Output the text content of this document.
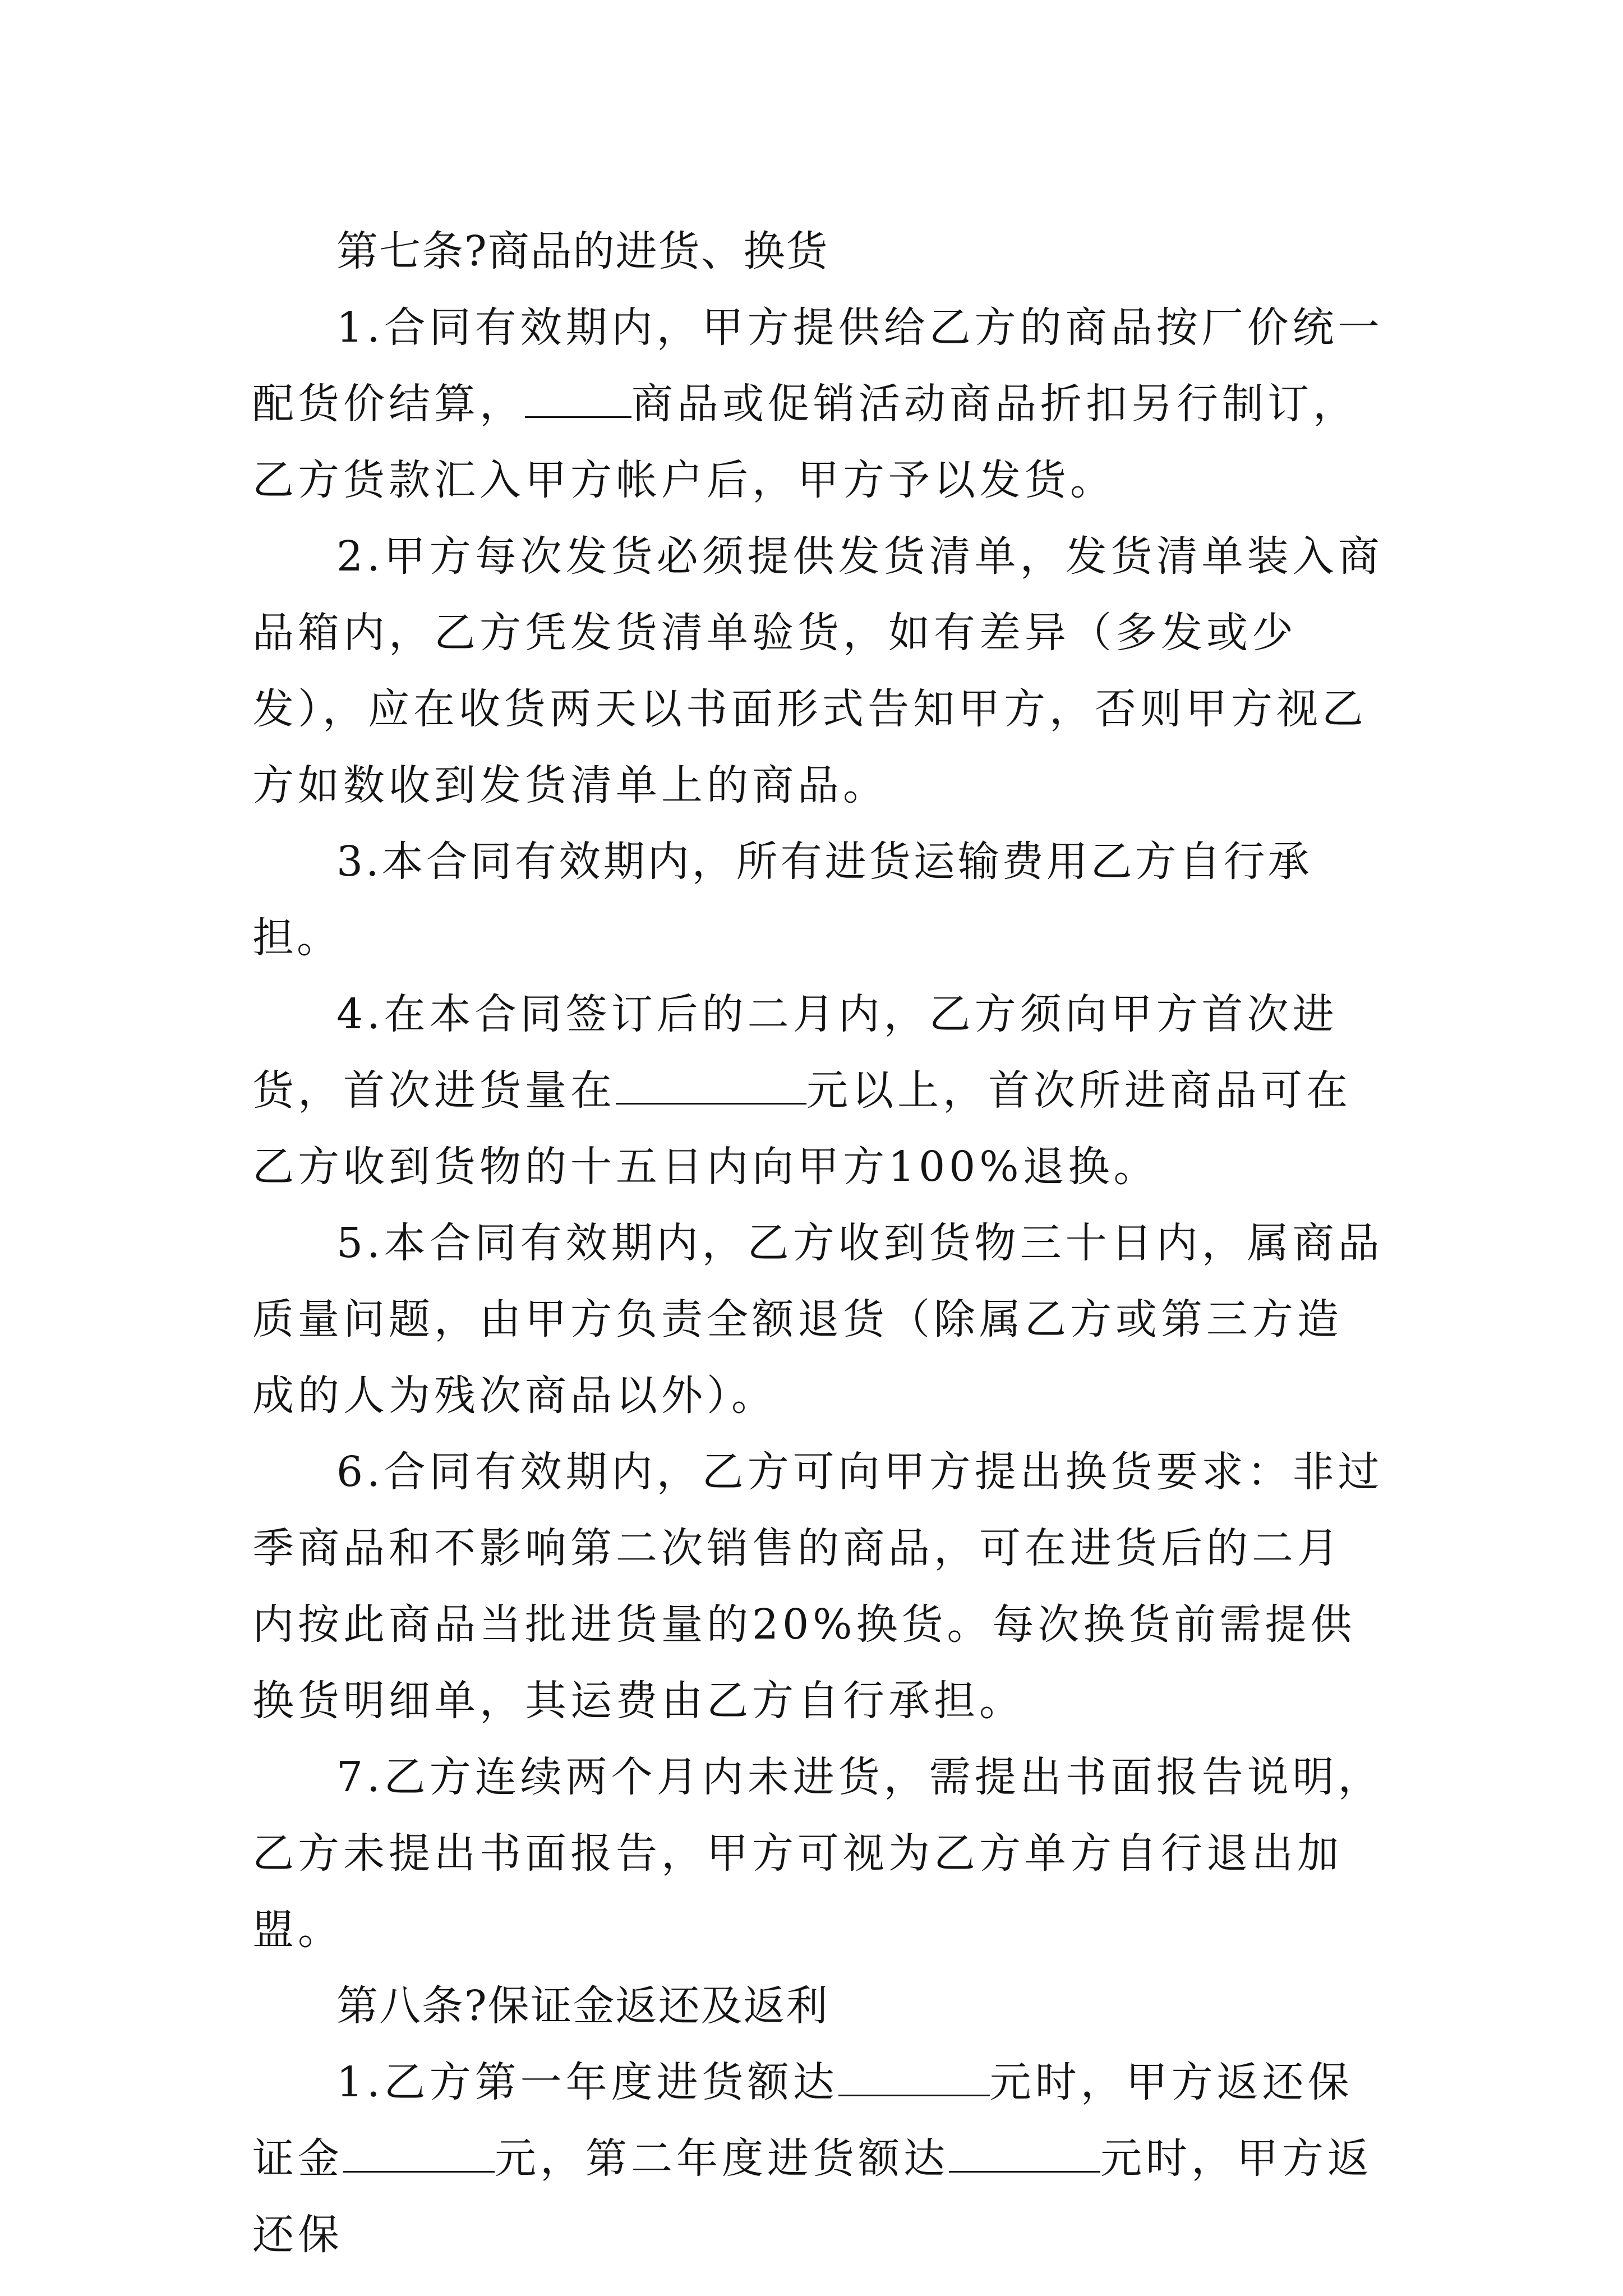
第七条?商品的进货、换货

1.合同有效期内，甲方提供给乙方的商品按厂价统一配货价结算，	商品或促销活动商品折扣另行制订，乙方货款汇入甲方帐户后，甲方予以发货。

2.甲方每次发货必须提供发货清单，发货清单装入商品箱内，乙方凭发货清单验货，如有差异（多发或少发），应在收货两天以书面形式告知甲方，否则甲方视乙方如数收到发货清单上的商品。

3.本合同有效期内，所有进货运输费用乙方自行承担。

4.在本合同签订后的二月内，乙方须向甲方首次进货，首次进货量在	元以上，首次所进商品可在乙方收到货物的十五日内向甲方100%退换。

5.本合同有效期内，乙方收到货物三十日内，属商品质量问题，由甲方负责全额退货（除属乙方或第三方造成的人为残次商品以外）。

6.合同有效期内，乙方可向甲方提出换货要求：非过季商品和不影响第二次销售的商品，可在进货后的二月内按此商品当批进货量的20%换货。每次换货前需提供换货明细单，其运费由乙方自行承担。

7.乙方连续两个月内未进货，需提出书面报告说明，乙方未提出书面报告，甲方可视为乙方单方自行退出加盟。

第八条?保证金返还及返利

1.乙方第一年度进货额达	元时，甲方返还保证金	元，第二年度进货额达	元时，甲方返还保
